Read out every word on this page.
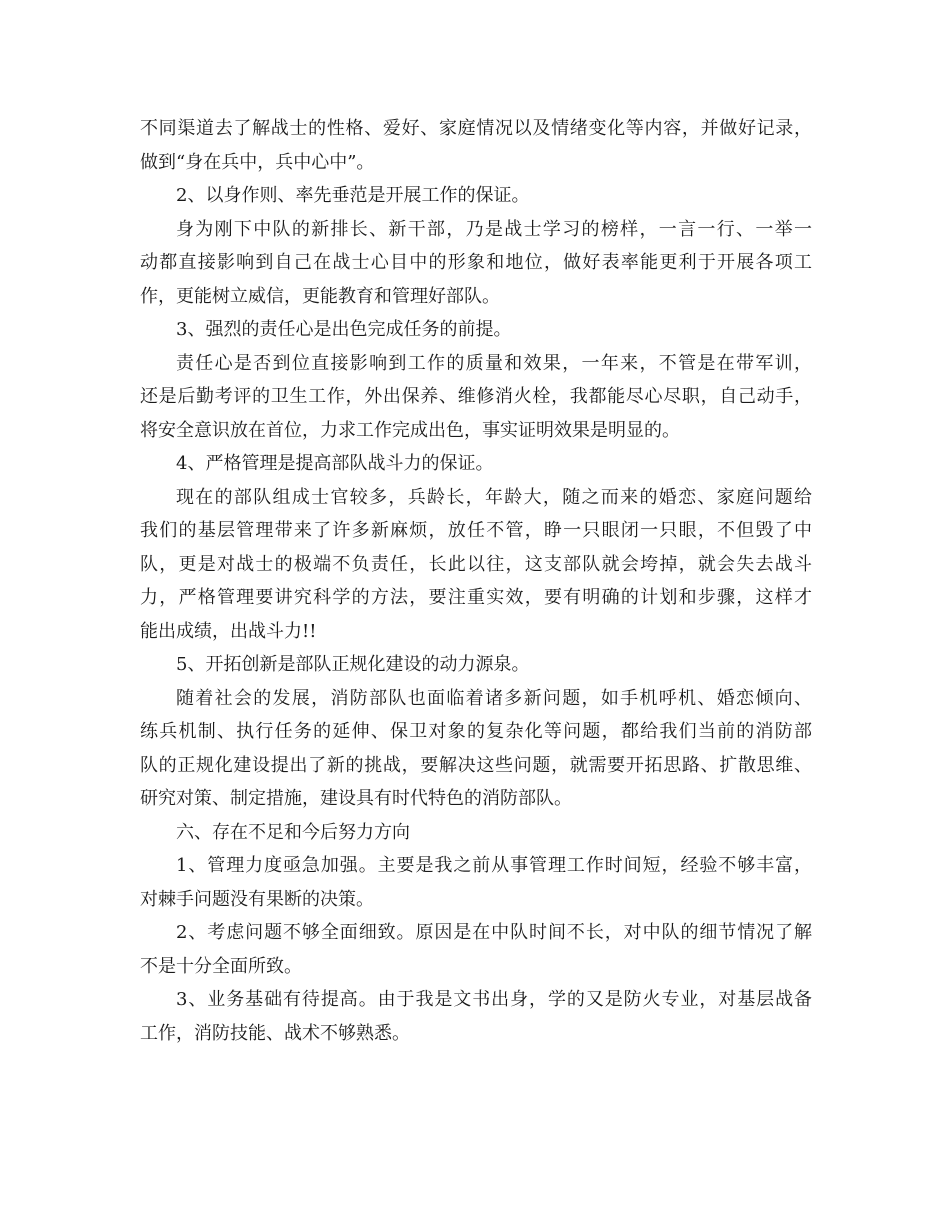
不同渠道去了解战士的性格、爱好、家庭情况以及情绪变化等内容，并做好记录，
做到“身在兵中，兵中心中”。
2、以身作则、率先垂范是开展工作的保证。
身为刚下中队的新排长、新干部，乃是战士学习的榜样，一言一行、一举一
动都直接影响到自己在战士心目中的形象和地位，做好表率能更利于开展各项工
作，更能树立威信，更能教育和管理好部队。
3、强烈的责任心是出色完成任务的前提。
责任心是否到位直接影响到工作的质量和效果，一年来，不管是在带军训，
还是后勤考评的卫生工作，外出保养、维修消火栓，我都能尽心尽职，自己动手，
将安全意识放在首位，力求工作完成出色，事实证明效果是明显的。
4、严格管理是提高部队战斗力的保证。
现在的部队组成士官较多，兵龄长，年龄大，随之而来的婚恋、家庭问题给
我们的基层管理带来了许多新麻烦，放任不管，睁一只眼闭一只眼，不但毁了中
队，更是对战士的极端不负责任，长此以往，这支部队就会垮掉，就会失去战斗
力，严格管理要讲究科学的方法，要注重实效，要有明确的计划和步骤，这样才
能出成绩，出战斗力!!
5、开拓创新是部队正规化建设的动力源泉。
随着社会的发展，消防部队也面临着诸多新问题，如手机呼机、婚恋倾向、
练兵机制、执行任务的延伸、保卫对象的复杂化等问题，都给我们当前的消防部
队的正规化建设提出了新的挑战，要解决这些问题，就需要开拓思路、扩散思维、
研究对策、制定措施，建设具有时代特色的消防部队。
六、存在不足和今后努力方向
1、管理力度亟急加强。主要是我之前从事管理工作时间短，经验不够丰富，
对棘手问题没有果断的决策。
2、考虑问题不够全面细致。原因是在中队时间不长，对中队的细节情况了解
不是十分全面所致。
3、业务基础有待提高。由于我是文书出身，学的又是防火专业，对基层战备
工作，消防技能、战术不够熟悉。
